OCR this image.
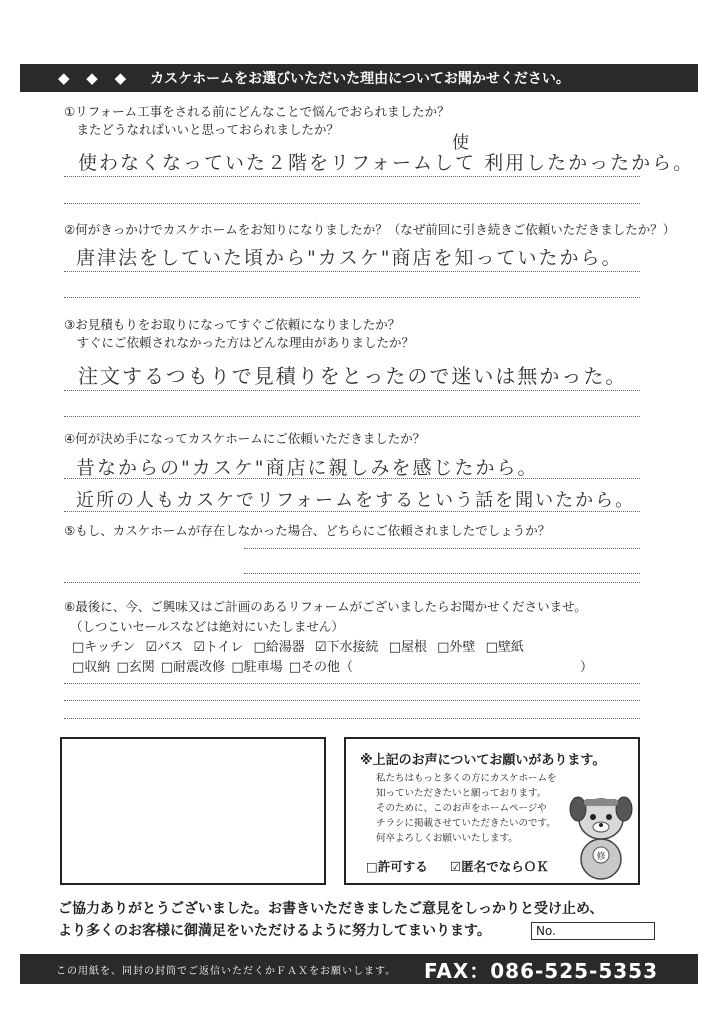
◆ ◆ ◆ カスケホームをお選びいただいた理由についてお聞かせください。
①リフォーム工事をされる前にどんなことで悩んでおられましたか？
　またどうなればいいと思っておられましたか？
使
使わなくなっていた２階をリフォームして 利用したかったから。
②何がきっかけでカスケホームをお知りになりましたか？（なぜ前回に引き続きご依頼いただきましたか？）
唐津法をしていた頃から"カスケ"商店を知っていたから。
③お見積もりをお取りになってすぐご依頼になりましたか？
　すぐにご依頼されなかった方はどんな理由がありましたか？
注文するつもりで見積りをとったので迷いは無かった。
④何が決め手になってカスケホームにご依頼いただきましたか？
昔なからの"カスケ"商店に親しみを感じたから。
近所の人もカスケでリフォームをするという話を聞いたから。
⑤もし、カスケホームが存在しなかった場合、どちらにご依頼されましたでしょうか？
⑥最後に、今、ご興味又はご計画のあるリフォームがございましたらお聞かせくださいませ。
（しつこいセールスなどは絶対にいたしません）
□キッチン ☑バス ☑トイレ □給湯器 ☑下水接続 □屋根 □外壁 □壁紙
□収納 □玄関 □耐震改修 □駐車場 □その他（	）
※上記のお声についてお願いがあります。
私たちはもっと多くの方にカスケホームを
知っていただきたいと願っております。
そのために、このお声をホームページや
チラシに掲載させていただきたいのです。
何卒よろしくお願いいたします。
□許可する ☑匿名でならＯＫ
修
ご協力ありがとうございました。お書きいただきましたご意見をしっかりと受け止め、
より多くのお客様に御満足をいただけるように努力してまいります。	No.
この用紙を、同封の封筒でご返信いただくかＦＡＸをお願いします。 FAX：086-525-5353
